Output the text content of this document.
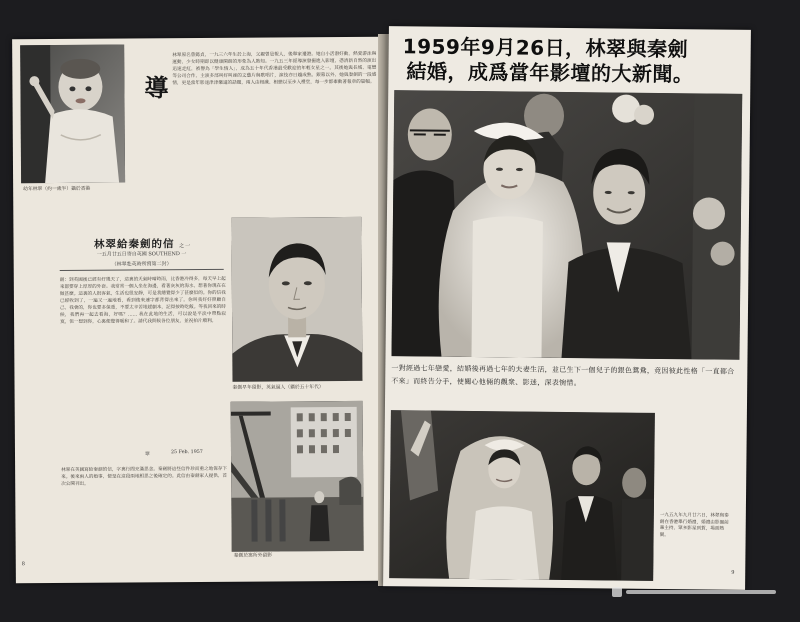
幼年林翠（約一歲半）攝於香港
導
林翠原名曾懿貞，一九三六年生於上海，父親曾是報人，後舉家遷港。她自小活潑好動，熱愛游泳與運動，少女時期即以健康開朗的形象為人熟知。一九五三年經導演發掘進入影壇，憑清新自然的演出迅速走紅，被譽為「學生情人」，成為五十年代香港最受歡迎的年輕女星之一。其後她與長城、電懋等公司合作，主演多部叫好叫座的文藝片與歌唱片，演技亦日趨成熟。銀幕以外，她與秦劍的一段感情，更是當年影迷津津樂道的話題，兩人由相識、相戀以至步入禮堂，每一步都牽動著報章的篇幅。
林翠給秦劍的信 之一
一五月廿五日寄自英國 SOUTHEND 一
（林翠赴英時所寫第二封）
劍：到英國後已經有好幾天了，這裏的天氣時晴時雨，比香港冷得多，每天早上起來都要穿上厚厚的外套。我常常一個人坐在海邊，看著灰灰的海水，想著你現在在做甚麼。這裏的人很客氣，生活也很安靜，可是我總覺得少了甚麼似的。你的信我已經收到了，一遍又一遍地看，看到後來連字都背得出來了。你叫我好好照顧自己，我會的，你也要多保重，不要太辛苦地趕劇本，記得按時吃飯。等我回來的時候，我們再一起去看海，好嗎？…… 我在此地的生活，可以說是平淡中帶點寂寞，但一想到你，心裏便覺得暖和了。請代我問候各位朋友，並祝拍片順利。
翠	25 Feb. 1957
林翠在英國寫給秦劍的信，字裏行間充滿思念。秦劍將這些信件珍而重之地保存下來。後來兩人的婚事，便是在這段兩地相思之後確定的。此信由秦劍家人提供，首次公開刊出。
秦劍早年留影，英氣逼人（攝於五十年代）
秦劍於寓所外留影
8
1959年9月26日，林翠與秦劍
結婚，成爲當年影壇的大新聞。
一對經過七年戀愛，結婚後再過七年的夫妻生活，並已生下一個兒子的銀色鴛鴦，竟因彼此性格「一直都合不來」而終告分手，使關心他倆的觀衆、影迷，深表惋惜。
一九五九年九月廿六日，林翠與秦劍在香港舉行婚禮，婚禮由影圈前輩主持，眾多影星到賀，場面熱鬧。
9
